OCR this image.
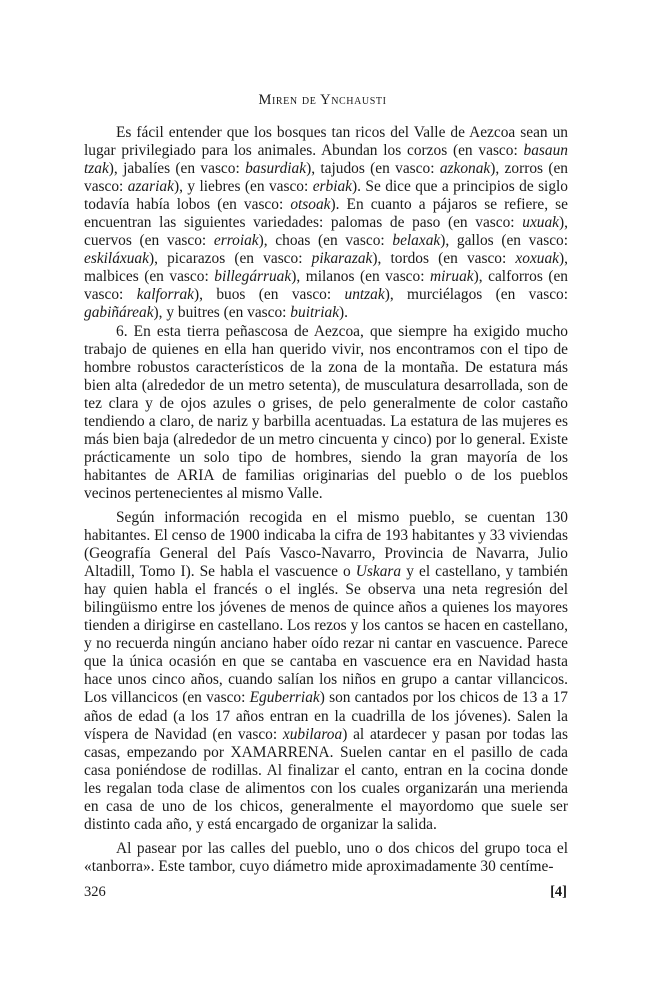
Miren de Ynchausti

Es fácil entender que los bosques tan ricos del Valle de Aezcoa sean un lugar privilegiado para los animales. Abundan los corzos (en vasco: basaun tzak), jabalíes (en vasco: basurdiak), tajudos (en vasco: azkonak), zorros (en vasco: azariak), y liebres (en vasco: erbiak). Se dice que a principios de siglo todavía había lobos (en vasco: otsoak). En cuanto a pájaros se refiere, se encuentran las siguientes variedades: palomas de paso (en vasco: uxuak), cuervos (en vasco: erroiak), choas (en vasco: belaxak), gallos (en vasco: eskiláxuak), picarazos (en vasco: pikarazak), tordos (en vasco: xoxuak), malbices (en vasco: billegárruak), milanos (en vasco: miruak), calforros (en vasco: kalforrak), buos (en vasco: untzak), murciélagos (en vasco: gabiñáreak), y buitres (en vasco: buitriak).

6. En esta tierra peñascosa de Aezcoa, que siempre ha exigido mucho trabajo de quienes en ella han querido vivir, nos encontramos con el tipo de hombre robustos característicos de la zona de la montaña. De estatura más bien alta (alrededor de un metro setenta), de musculatura desarrollada, son de tez clara y de ojos azules o grises, de pelo generalmente de color castaño tendiendo a claro, de nariz y barbilla acentuadas. La estatura de las mujeres es más bien baja (alrededor de un metro cincuenta y cinco) por lo general. Existe prácticamente un solo tipo de hombres, siendo la gran mayoría de los habitantes de ARIA de familias originarias del pueblo o de los pueblos vecinos pertenecientes al mismo Valle.

Según información recogida en el mismo pueblo, se cuentan 130 habitantes. El censo de 1900 indicaba la cifra de 193 habitantes y 33 viviendas (Geografía General del País Vasco-Navarro, Provincia de Navarra, Julio Altadill, Tomo I). Se habla el vascuence o Uskara y el castellano, y también hay quien habla el francés o el inglés. Se observa una neta regresión del bilingüismo entre los jóvenes de menos de quince años a quienes los mayores tienden a dirigirse en castellano. Los rezos y los cantos se hacen en castellano, y no recuerda ningún anciano haber oído rezar ni cantar en vascuence. Parece que la única ocasión en que se cantaba en vascuence era en Navidad hasta hace unos cinco años, cuando salían los niños en grupo a cantar villancicos. Los villancicos (en vasco: Eguberriak) son cantados por los chicos de 13 a 17 años de edad (a los 17 años entran en la cuadrilla de los jóvenes). Salen la víspera de Navidad (en vasco: xubilaroa) al atardecer y pasan por todas las casas, empezando por XAMARRENA. Suelen cantar en el pasillo de cada casa poniéndose de rodillas. Al finalizar el canto, entran en la cocina donde les regalan toda clase de alimentos con los cuales organizarán una merienda en casa de uno de los chicos, generalmente el mayordomo que suele ser distinto cada año, y está encargado de organizar la salida.

Al pasear por las calles del pueblo, uno o dos chicos del grupo toca el «tanborra». Este tambor, cuyo diámetro mide aproximadamente 30 centíme-

326	[4]
